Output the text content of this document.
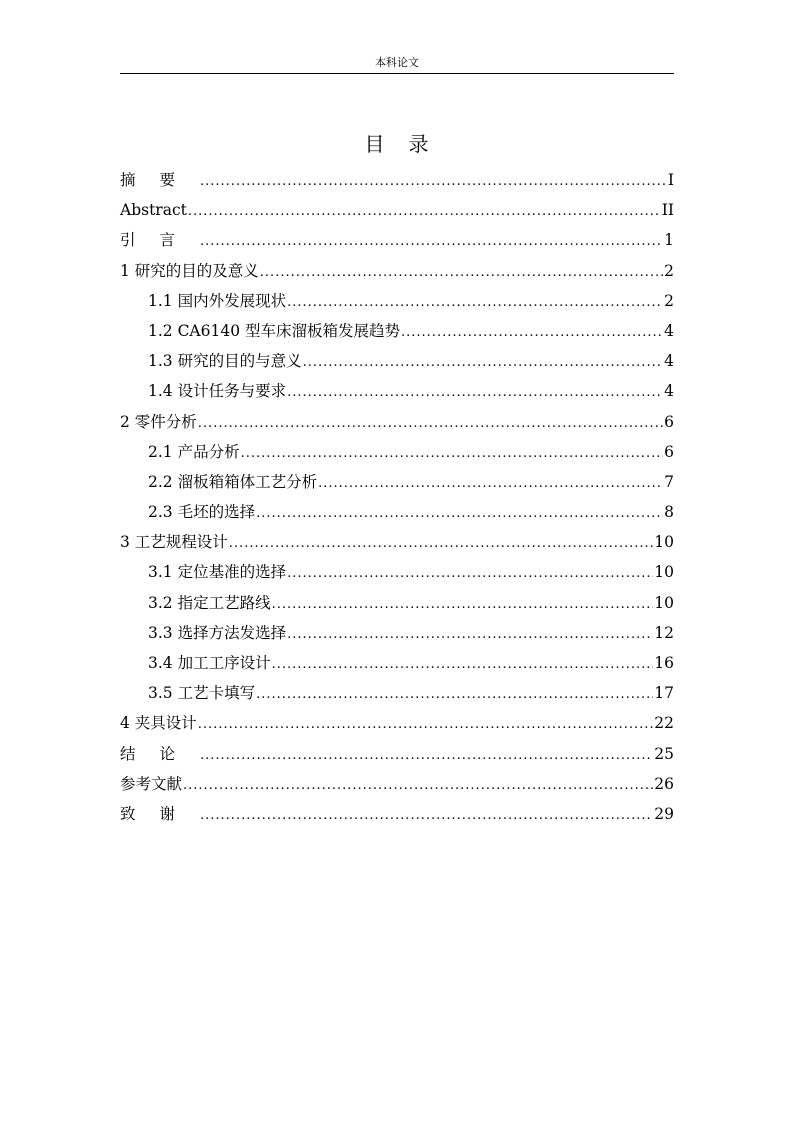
本科论文
目录
摘要 .....	I
Abstract .....	II
引言 .....	1
1 研究的目的及意义 .....	2
1.1 国内外发展现状 .....	2
1.2 CA6140 型车床溜板箱发展趋势 .....	4
1.3 研究的目的与意义 .....	4
1.4 设计任务与要求 .....	4
2 零件分析 .....	6
2.1 产品分析 .....	6
2.2 溜板箱箱体工艺分析 .....	7
2.3 毛坯的选择 .....	8
3 工艺规程设计 .....	10
3.1 定位基准的选择 .....	10
3.2 指定工艺路线 .....	10
3.3 选择方法发选择 .....	12
3.4 加工工序设计 .....	16
3.5 工艺卡填写 .....	17
4 夹具设计 .....	22
结论 .....	25
参考文献 .....	26
致谢 .....	29
